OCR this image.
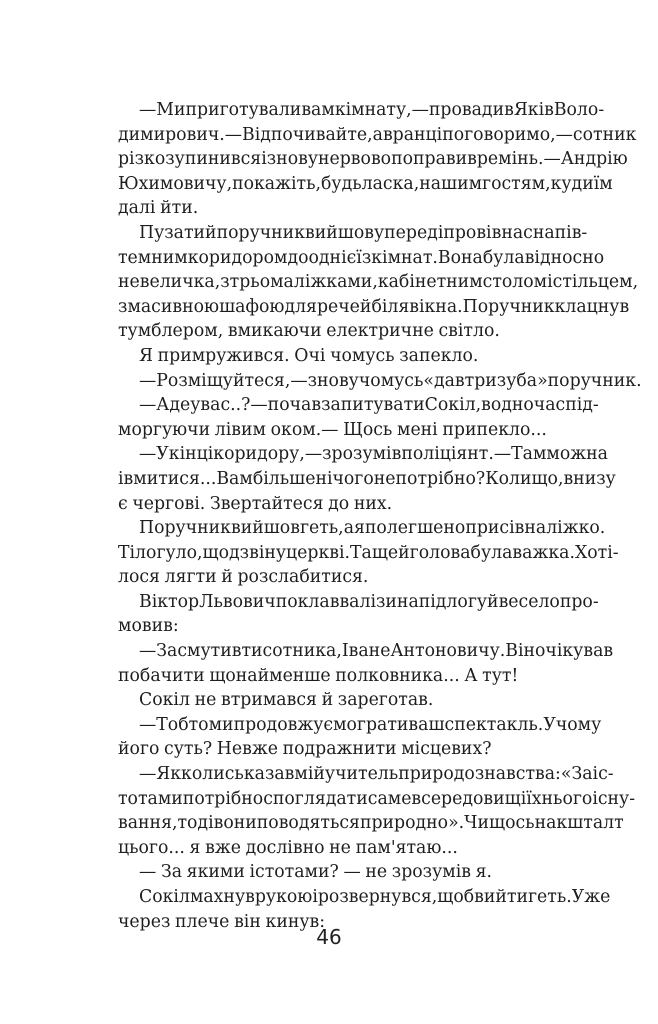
— Ми приготували вам кімнату,— провадив Яків Воло-
димирович.— Відпочивайте, а вранці поговоримо,— сотник
різко зупинився і знову нервово поправив ремінь.— Андрію
Юхимовичу, покажіть, будь ласка, нашим гостям, куди їм
далі йти.
Пузатий поручник вийшов уперед і провів нас напів-
темним коридором до однієї з кімнат. Вона була відносно
невеличка, з трьома ліжками, кабінетним столом і стільцем,
з масивною шафою для речей біля вікна. Поручник клацнув
тумблером, вмикаючи електричне світло.
Я примружився. Очі чомусь запекло.
— Розміщуйтеся,— знову чомусь «дав тризуба» поручник.
— А де у вас..? — почав запитувати Сокіл, водночас під-
моргуючи лівим оком.— Щось мені припекло...
— У кінці коридору,— зрозумів поліціянт.— Там можна
і вмитися... Вам більше нічого не потрібно? Коли що, внизу
є чергові. Звертайтеся до них.
Поручник вийшов геть, а я полегшено присів на ліжко.
Тіло гуло, що дзвін у церкві. Та ще й голова була важка. Хоті-
лося лягти й розслабитися.
Віктор Львович поклав валізи на підлогу й весело про-
мовив:
— Засмутив ти сотника, Іване Антоновичу. Він очікував
побачити щонайменше полковника... А тут!
Сокіл не втримався й зареготав.
— Тобто ми продовжуємо грати ваш спектакль. У чому
його суть? Невже подражнити місцевих?
— Як колись казав мій учитель природознавства: «За іс-
тотами потрібно споглядати саме в середовищі їхнього існу-
вання, тоді вони поводяться природно». Чи щось на кшталт
цього... я вже дослівно не пам'ятаю...
— За якими істотами? — не зрозумів я.
Сокіл махнув рукою і розвернувся, щоб вийти геть. Уже
через плече він кинув:
46
